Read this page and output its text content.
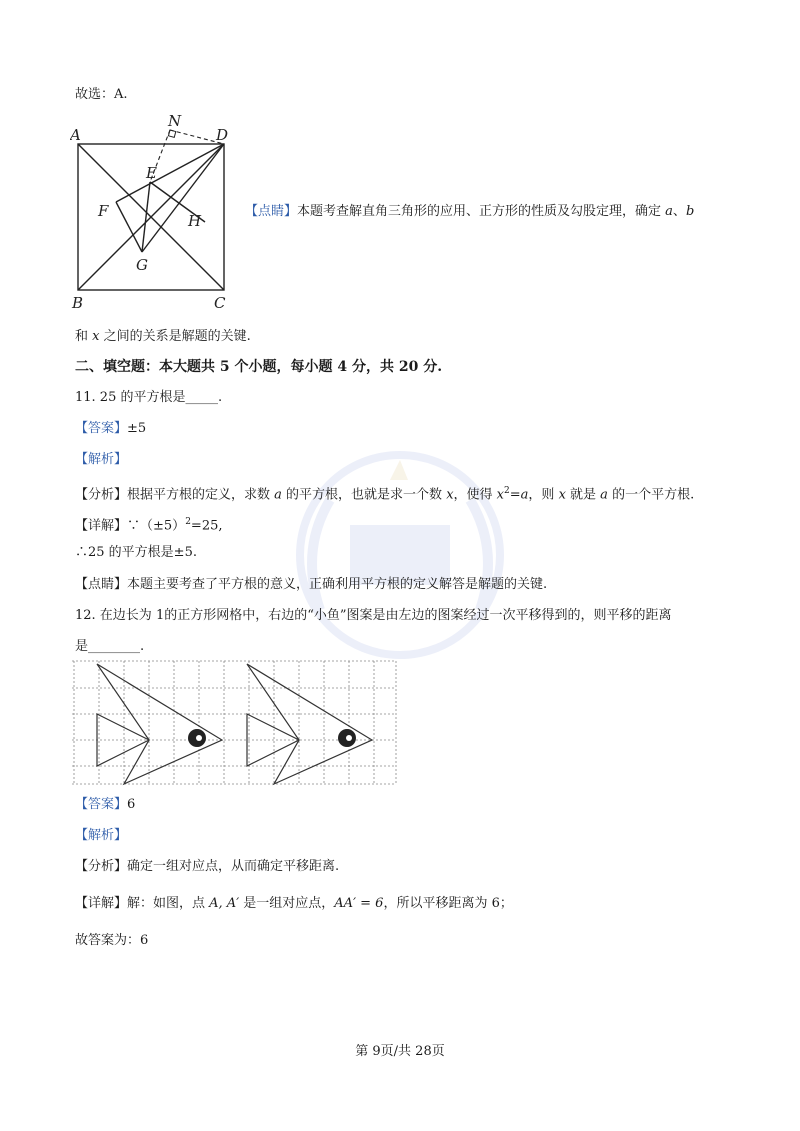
故选：A.
A
N
D
E
F
H
G
B	C
【点睛】本题考查解直角三角形的应用、正方形的性质及勾股定理，确定 a、b
和 x 之间的关系是解题的关键.
二、填空题：本大题共 5 个小题，每小题 4 分，共 20 分.
11. 25 的平方根是_____.
【答案】±5
【解析】
【分析】根据平方根的定义，求数 a 的平方根，也就是求一个数 x，使得 $x^2=a$，则 x 就是 a 的一个平方根.
【详解】$\because(\pm 5)^2=25$,
∴25 的平方根是±5.
【点睛】本题主要考查了平方根的意义，正确利用平方根的定义解答是解题的关键.
12. 在边长为 1的正方形网格中，右边的“小鱼”图案是由左边的图案经过一次平移得到的，则平移的距离
是________.
【答案】6
【解析】
【分析】确定一组对应点，从而确定平移距离.
【详解】解：如图，点 A, A′ 是一组对应点，AA′ = 6，所以平移距离为 6；
故答案为：6
第 9页/共 28页
